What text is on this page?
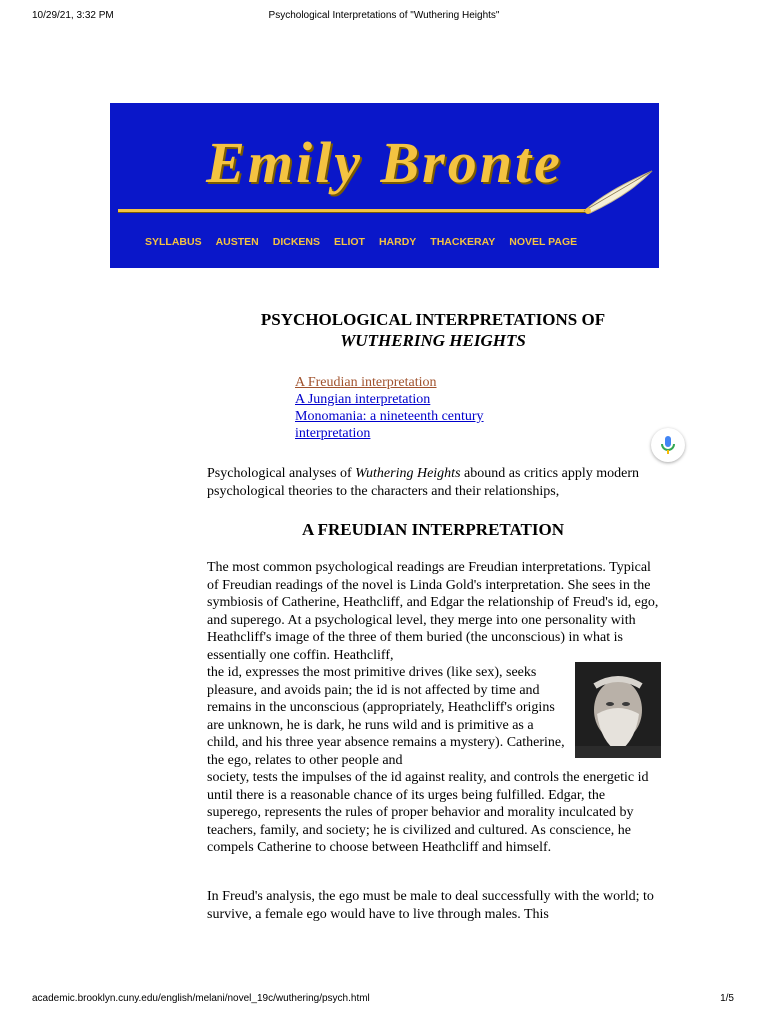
10/29/21, 3:32 PM	Psychological Interpretations of "Wuthering Heights"
Emily Bronte
SYLLABUS AUSTEN DICKENS ELIOT HARDY THACKERAY NOVEL PAGE
PSYCHOLOGICAL INTERPRETATIONS OF
WUTHERING HEIGHTS
A Freudian interpretation
A Jungian interpretation
Monomania: a nineteenth century interpretation
Psychological analyses of Wuthering Heights abound as critics apply modern psychological theories to the characters and their relationships,
A FREUDIAN INTERPRETATION
The most common psychological readings are Freudian interpretations. Typical of Freudian readings of the novel is Linda Gold's interpretation. She sees in the symbiosis of Catherine, Heathcliff, and Edgar the relationship of Freud's id, ego, and superego. At a psychological level, they merge into one personality with Heathcliff's image of the three of them buried (the unconscious) in what is essentially one coffin. Heathcliff,
the id, expresses the most primitive drives (like sex), seeks pleasure, and avoids pain; the id is not affected by time and remains in the unconscious (appropriately, Heathcliff's origins are unknown, he is dark, he runs wild and is primitive as a child, and his three year absence remains a mystery). Catherine, the ego, relates to other people and
society, tests the impulses of the id against reality, and controls the energetic id until there is a reasonable chance of its urges being fulfilled. Edgar, the superego, represents the rules of proper behavior and morality inculcated by teachers, family, and society; he is civilized and cultured. As conscience, he compels Catherine to choose between Heathcliff and himself.
In Freud's analysis, the ego must be male to deal successfully with the world; to survive, a female ego would have to live through males. This
academic.brooklyn.cuny.edu/english/melani/novel_19c/wuthering/psych.html	1/5
